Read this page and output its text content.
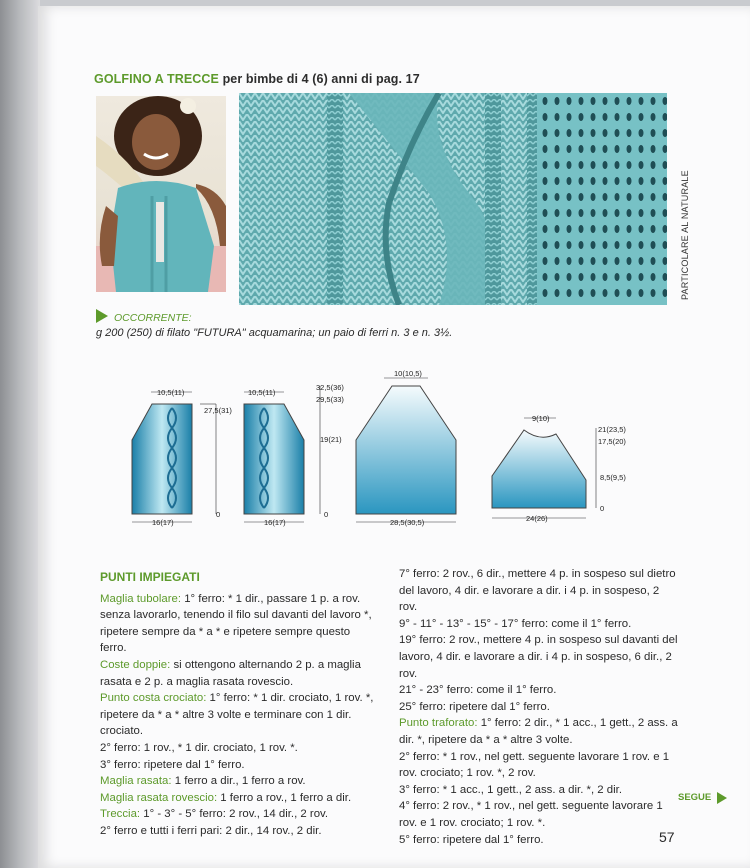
GOLFINO A TRECCE per bimbe di 4 (6) anni di pag. 17
PARTICOLARE AL NATURALE
OCCORRENTE:
g 200 (250) di filato "FUTURA" acquamarina; un paio di ferri n. 3 e n. 3½.
10,5(11)
27,5(31)
0
16(17)
10,5(11)
32,5(36)
29,5(33)
19(21)
0
16(17)
10(10,5)
28,5(30,5)
9(10)
21(23,5)
17,5(20)
8,5(9,5)
0
24(26)
PUNTI IMPIEGATI
Maglia tubolare: 1° ferro: * 1 dir., passare 1 p. a rov. senza lavorarlo, tenendo il filo sul davanti del lavoro *, ripetere sempre da * a * e ripetere sempre questo ferro.
Coste doppie: si ottengono alternando 2 p. a maglia rasata e 2 p. a maglia rasata rovescio.
Punto costa crociato: 1° ferro: * 1 dir. crociato, 1 rov. *, ripetere da * a * altre 3 volte e terminare con 1 dir. crociato.
2° ferro: 1 rov., * 1 dir. crociato, 1 rov. *.
3° ferro: ripetere dal 1° ferro.
Maglia rasata: 1 ferro a dir., 1 ferro a rov.
Maglia rasata rovescio: 1 ferro a rov., 1 ferro a dir.
Treccia: 1° - 3° - 5° ferro: 2 rov., 14 dir., 2 rov.
2° ferro e tutti i ferri pari: 2 dir., 14 rov., 2 dir.
7° ferro: 2 rov., 6 dir., mettere 4 p. in sospeso sul dietro del lavoro, 4 dir. e lavorare a dir. i 4 p. in sospeso, 2 rov.
9° - 11° - 13° - 15° - 17° ferro: come il 1° ferro.
19° ferro: 2 rov., mettere 4 p. in sospeso sul davanti del lavoro, 4 dir. e lavorare a dir. i 4 p. in sospeso, 6 dir., 2 rov.
21° - 23° ferro: come il 1° ferro.
25° ferro: ripetere dal 1° ferro.
Punto traforato: 1° ferro: 2 dir., * 1 acc., 1 gett., 2 ass. a dir. *, ripetere da * a * altre 3 volte.
2° ferro: * 1 rov., nel gett. seguente lavorare 1 rov. e 1 rov. crociato; 1 rov. *, 2 rov.
3° ferro: * 1 acc., 1 gett., 2 ass. a dir. *, 2 dir.
4° ferro: 2 rov., * 1 rov., nel gett. seguente lavorare 1 rov. e 1 rov. crociato; 1 rov. *.
5° ferro: ripetere dal 1° ferro.
SEGUE
57
